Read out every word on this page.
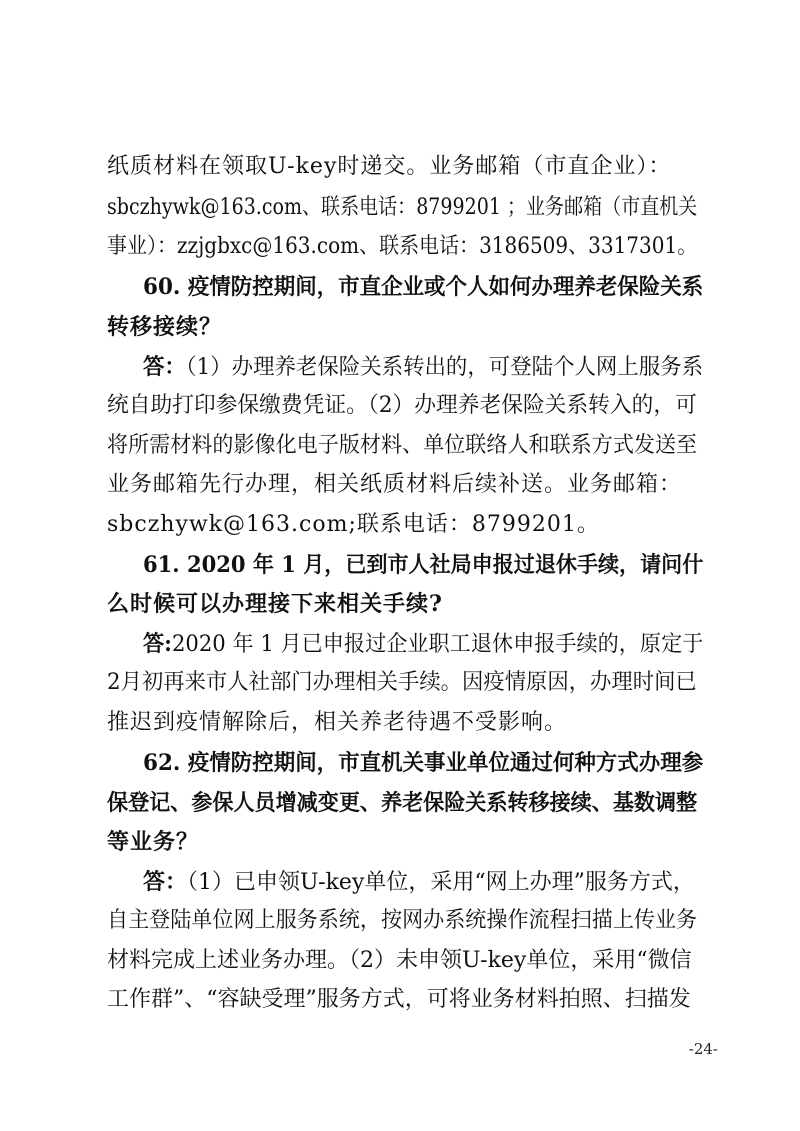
纸质材料在领取U-key时递交。业务邮箱（市直企业）：
sbczhywk@163.com、联系电话：8799201 ；业务邮箱（市直机关
事业）：zzjgbxc@163.com、联系电话：3186509、3317301。
60. 疫情防控期间，市直企业或个人如何办理养老保险关系
转移接续？
答：（1）办理养老保险关系转出的，可登陆个人网上服务系
统自助打印参保缴费凭证。（2）办理养老保险关系转入的，可
将所需材料的影像化电子版材料、单位联络人和联系方式发送至
业务邮箱先行办理，相关纸质材料后续补送。业务邮箱：
sbczhywk@163.com;联系电话：8799201。
61. 2020 年 1 月，已到市人社局申报过退休手续，请问什
么时候可以办理接下来相关手续?
答:2020 年 1 月已申报过企业职工退休申报手续的，原定于
2月初再来市人社部门办理相关手续。因疫情原因，办理时间已
推迟到疫情解除后，相关养老待遇不受影响。
62. 疫情防控期间，市直机关事业单位通过何种方式办理参
保登记、参保人员增减变更、养老保险关系转移接续、基数调整
等业务？
答：（1）已申领U-key单位，采用“网上办理”服务方式，
自主登陆单位网上服务系统，按网办系统操作流程扫描上传业务
材料完成上述业务办理。（2）未申领U-key单位，采用“微信
工作群”、“容缺受理”服务方式，可将业务材料拍照、扫描发
-24-
